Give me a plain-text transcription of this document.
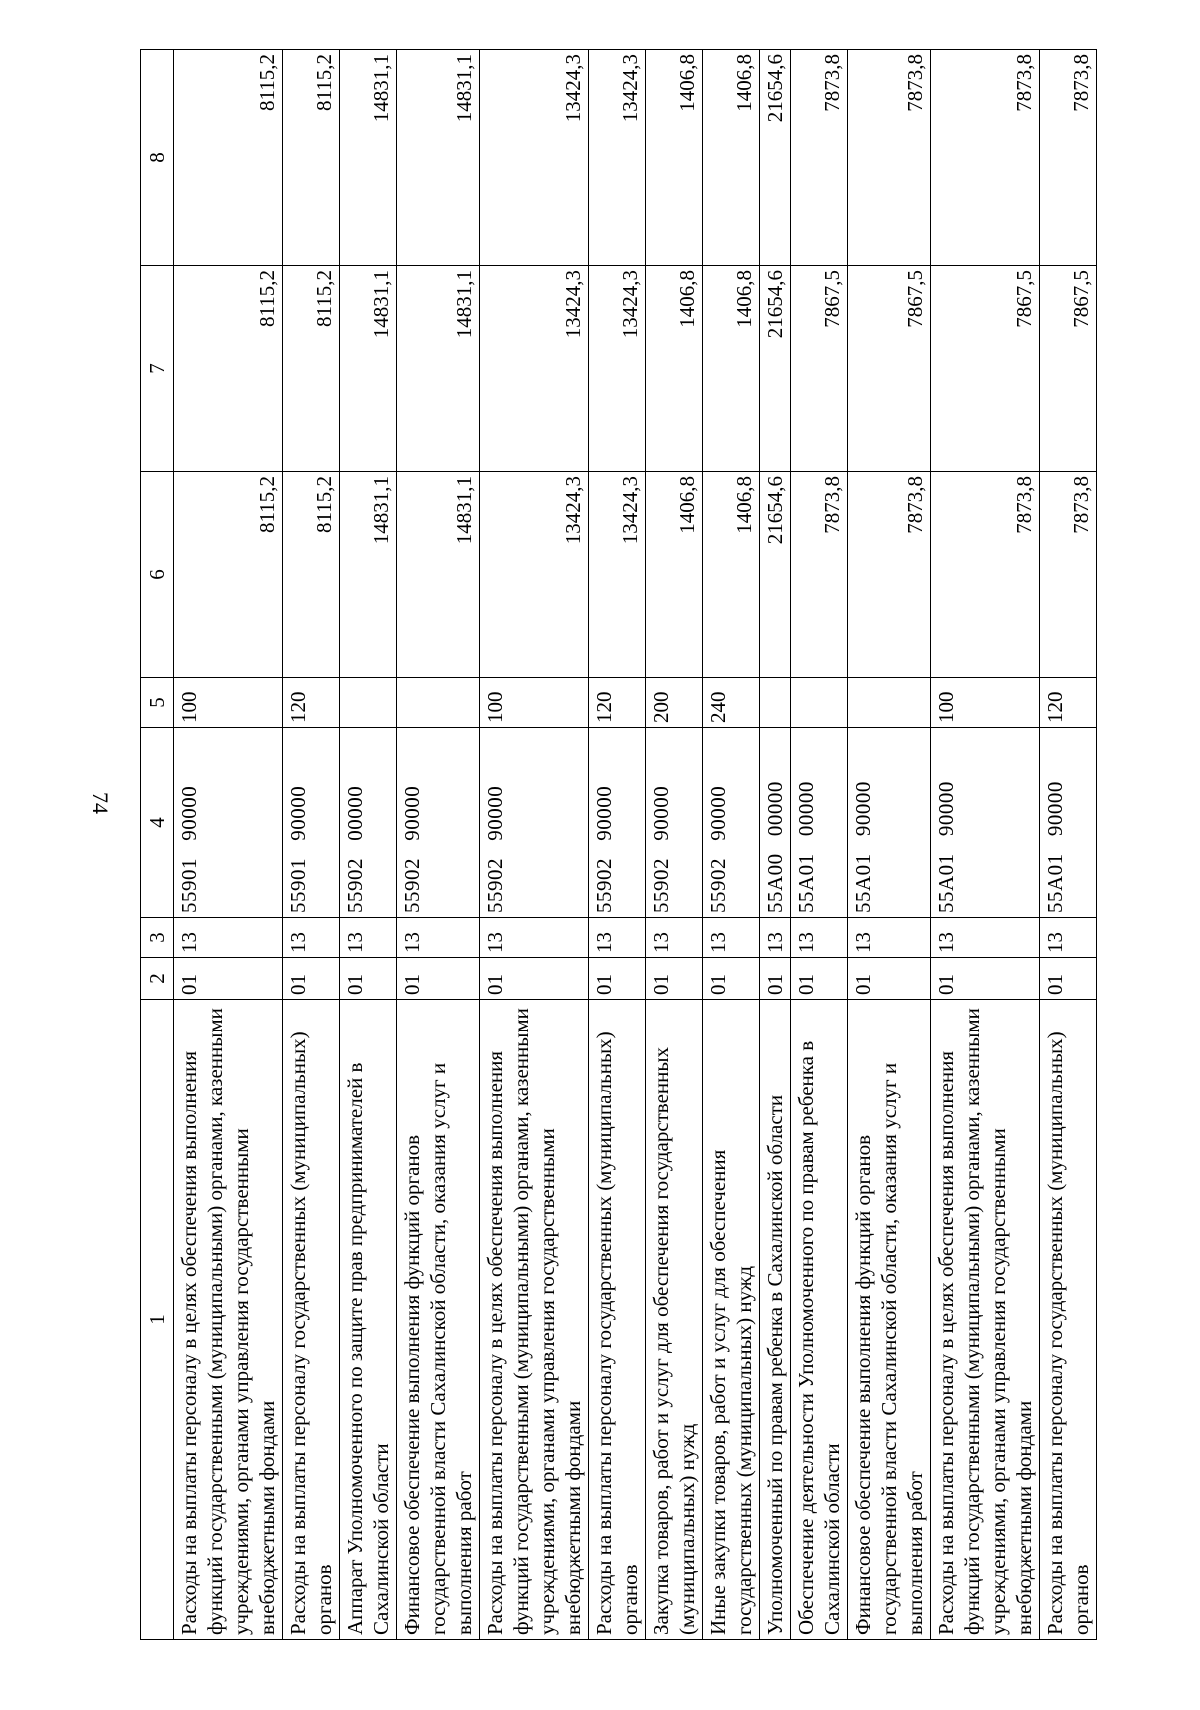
74
1	2	3	4	5	6	7	8
Расходы на выплаты персоналу в целях обеспечения выполнения функций государственными (муниципальными) органами, казенными учреждениями, органами управления государственными внебюджетными фондами	01	13	55901   90000	100	8115,2	8115,2	8115,2
Расходы на выплаты персоналу государственных (муниципальных) органов	01	13	55901   90000	120	8115,2	8115,2	8115,2
Аппарат Уполномоченного по защите прав предпринимателей в Сахалинской области	01	13	55902   00000		14831,1	14831,1	14831,1
Финансовое обеспечение выполнения функций органов государственной власти Сахалинской области, оказания услуг и выполнения работ	01	13	55902   90000		14831,1	14831,1	14831,1
Расходы на выплаты персоналу в целях обеспечения выполнения функций государственными (муниципальными) органами, казенными учреждениями, органами управления государственными внебюджетными фондами	01	13	55902   90000	100	13424,3	13424,3	13424,3
Расходы на выплаты персоналу государственных (муниципальных) органов	01	13	55902   90000	120	13424,3	13424,3	13424,3
Закупка товаров, работ и услуг для обеспечения государственных (муниципальных) нужд	01	13	55902   90000	200	1406,8	1406,8	1406,8
Иные закупки товаров, работ и услуг для обеспечения государственных (муниципальных) нужд	01	13	55902   90000	240	1406,8	1406,8	1406,8
Уполномоченный по правам ребенка в Сахалинской области	01	13	55А00   00000		21654,6	21654,6	21654,6
Обеспечение деятельности Уполномоченного по правам ребенка в Сахалинской области	01	13	55А01   00000		7873,8	7867,5	7873,8
Финансовое обеспечение выполнения функций органов государственной власти Сахалинской области, оказания услуг и выполнения работ	01	13	55А01   90000		7873,8	7867,5	7873,8
Расходы на выплаты персоналу в целях обеспечения выполнения функций государственными (муниципальными) органами, казенными учреждениями, органами управления государственными внебюджетными фондами	01	13	55А01   90000	100	7873,8	7867,5	7873,8
Расходы на выплаты персоналу государственных (муниципальных) органов	01	13	55А01   90000	120	7873,8	7867,5	7873,8
